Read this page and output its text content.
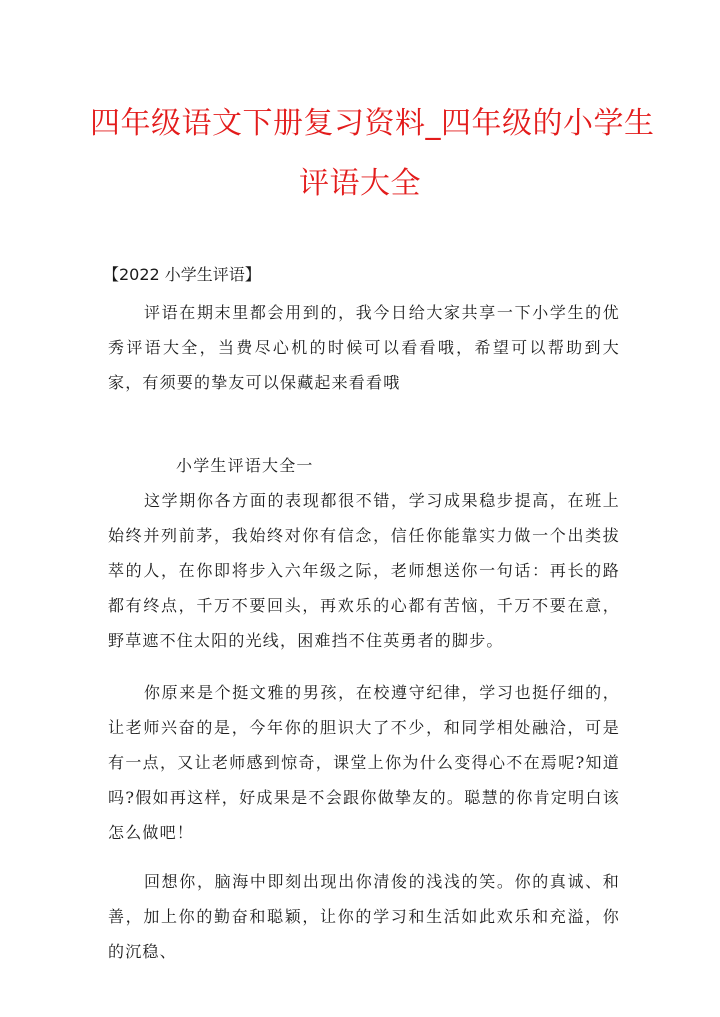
四年级语文下册复习资料_四年级的小学生
评语大全

【2022 小学生评语】

评语在期末里都会用到的，我今日给大家共享一下小学生的优秀评语大全，当费尽心机的时候可以看看哦，希望可以帮助到大家，有须要的挚友可以保藏起来看看哦

小学生评语大全一

这学期你各方面的表现都很不错，学习成果稳步提高，在班上始终并列前茅，我始终对你有信念，信任你能靠实力做一个出类拔萃的人，在你即将步入六年级之际，老师想送你一句话：再长的路都有终点，千万不要回头，再欢乐的心都有苦恼，千万不要在意，野草遮不住太阳的光线，困难挡不住英勇者的脚步。

你原来是个挺文雅的男孩，在校遵守纪律，学习也挺仔细的，让老师兴奋的是，今年你的胆识大了不少，和同学相处融洽，可是有一点，又让老师感到惊奇，课堂上你为什么变得心不在焉呢?知道吗?假如再这样，好成果是不会跟你做挚友的。聪慧的你肯定明白该怎么做吧！

回想你，脑海中即刻出现出你清俊的浅浅的笑。你的真诚、和善，加上你的勤奋和聪颖，让你的学习和生活如此欢乐和充溢，你的沉稳、
